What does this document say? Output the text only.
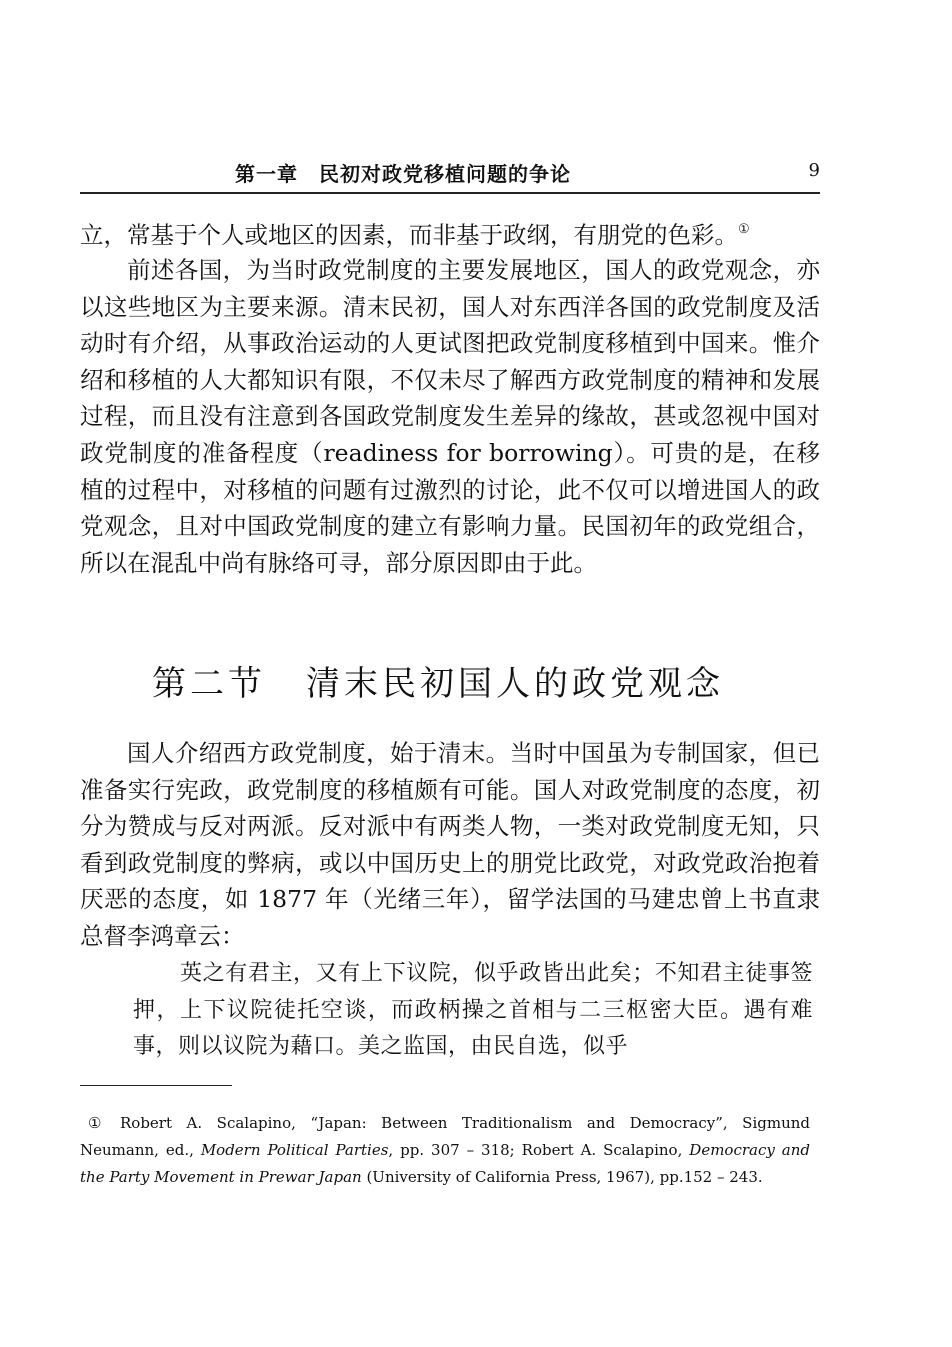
第一章　民初对政党移植问题的争论	9

立，常基于个人或地区的因素，而非基于政纲，有朋党的色彩。①

前述各国，为当时政党制度的主要发展地区，国人的政党观念，亦以这些地区为主要来源。清末民初，国人对东西洋各国的政党制度及活动时有介绍，从事政治运动的人更试图把政党制度移植到中国来。惟介绍和移植的人大都知识有限，不仅未尽了解西方政党制度的精神和发展过程，而且没有注意到各国政党制度发生差异的缘故，甚或忽视中国对政党制度的准备程度（readiness for borrowing）。可贵的是，在移植的过程中，对移植的问题有过激烈的讨论，此不仅可以增进国人的政党观念，且对中国政党制度的建立有影响力量。民国初年的政党组合，所以在混乱中尚有脉络可寻，部分原因即由于此。

第二节 清末民初国人的政党观念

国人介绍西方政党制度，始于清末。当时中国虽为专制国家，但已准备实行宪政，政党制度的移植颇有可能。国人对政党制度的态度，初分为赞成与反对两派。反对派中有两类人物，一类对政党制度无知，只看到政党制度的弊病，或以中国历史上的朋党比政党，对政党政治抱着厌恶的态度，如 1877 年（光绪三年），留学法国的马建忠曾上书直隶总督李鸿章云：

英之有君主，又有上下议院，似乎政皆出此矣；不知君主徒事签押，上下议院徒托空谈，而政柄操之首相与二三枢密大臣。遇有难事，则以议院为藉口。美之监国，由民自选，似乎

① Robert A. Scalapino, “Japan: Between Traditionalism and Democracy”, Sigmund Neumann, ed., Modern Political Parties, pp. 307 – 318; Robert A. Scalapino, Democracy and the Party Movement in Prewar Japan (University of California Press, 1967), pp.152 – 243.
